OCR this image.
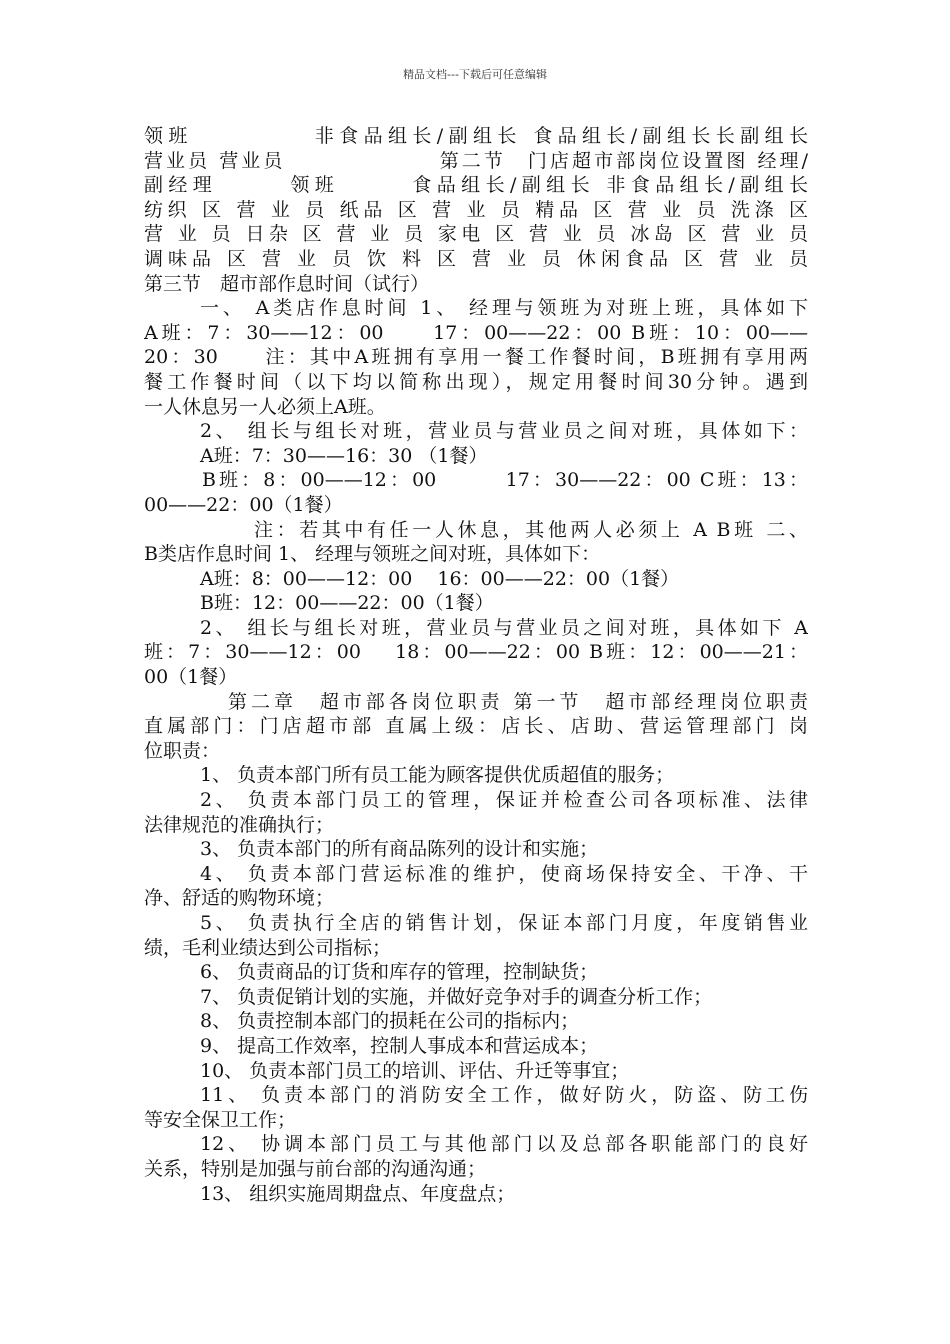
精品文档---下载后可任意编辑
领班　　　　　非食品组长/副组长 食品组长/副组长长副组长
营业员 营业员　　　　　　　第二节　门店超市部岗位设置图 经理/
副经理　　　领班　　　食品组长/副组长 非食品组长/副组长
纺织 区 营 业 员 纸品 区 营 业 员 精品 区 营 业 员 洗涤 区
营 业 员 日杂 区 营 业 员 家电 区 营 业 员 冰岛 区 营 业 员
调味品 区 营 业 员 饮 料 区 营 业 员 休闲食品 区 营 业 员
第三节　超市部作息时间（试行）
一、 A类店作息时间 1、 经理与领班为对班上班，具体如下
A班：7：30——12：00　　17：00——22：00 B班：10：00——
20：30　　注：其中A班拥有享用一餐工作餐时间，B班拥有享用两
餐工作餐时间（以下均以简称出现），规定用餐时间30分钟。遇到
一人休息另一人必须上A班。
2、 组长与组长对班，营业员与营业员之间对班，具体如下：
A班：7：30——16：30 （1餐）
B班：8：00——12：00　　　17：30——22：00 C班：13：
00——22：00（1餐）
注：若其中有任一人休息，其他两人必须上 A B班 二、
B类店作息时间 1、 经理与领班之间对班，具体如下：
A班：8：00——12：00　 16：00——22：00（1餐）
B班：12：00——22：00（1餐）
2、 组长与组长对班，营业员与营业员之间对班，具体如下 A
班：7：30——12：00　 18：00——22：00 B班：12：00——21：
00（1餐）
第二章　超市部各岗位职责 第一节　超市部经理岗位职责
直属部门：门店超市部 直属上级：店长、店助、营运管理部门 岗
位职责：
1、 负责本部门所有员工能为顾客提供优质超值的服务；
2、 负责本部门员工的管理，保证并检查公司各项标准、法律
法律规范的准确执行；
3、 负责本部门的所有商品陈列的设计和实施；
4、 负责本部门营运标准的维护，使商场保持安全、干净、干
净、舒适的购物环境；
5、 负责执行全店的销售计划，保证本部门月度，年度销售业
绩，毛利业绩达到公司指标；
6、 负责商品的订货和库存的管理，控制缺货；
7、 负责促销计划的实施，并做好竞争对手的调查分析工作；
8、 负责控制本部门的损耗在公司的指标内；
9、 提高工作效率，控制人事成本和营运成本；
10、 负责本部门员工的培训、评估、升迁等事宜；
11、 负责本部门的消防安全工作，做好防火，防盗、防工伤
等安全保卫工作；
12、 协调本部门员工与其他部门以及总部各职能部门的良好
关系，特别是加强与前台部的沟通沟通；
13、 组织实施周期盘点、年度盘点；
